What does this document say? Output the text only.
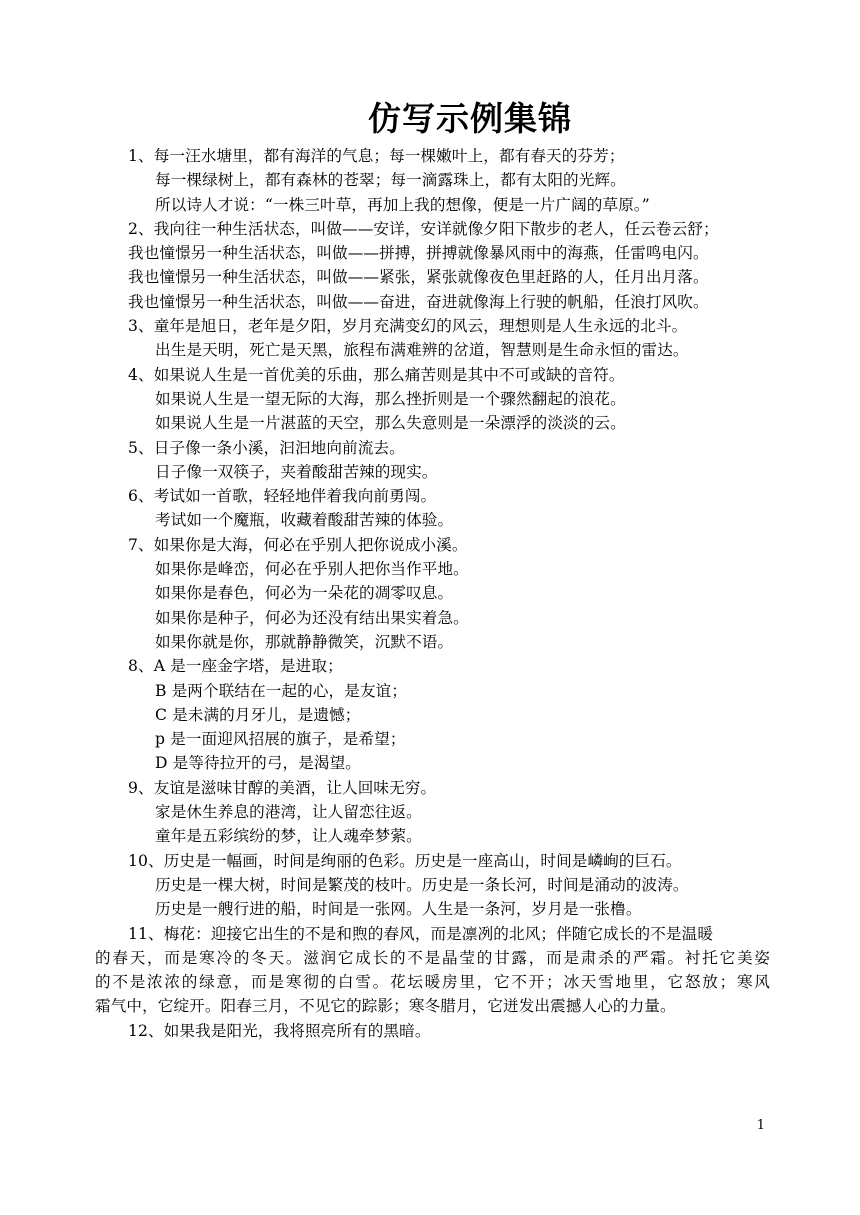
仿写示例集锦
1、每一汪水塘里，都有海洋的气息；每一棵嫩叶上，都有春天的芬芳；
每一棵绿树上，都有森林的苍翠；每一滴露珠上，都有太阳的光辉。
所以诗人才说：“一株三叶草，再加上我的想像，便是一片广阔的草原。”
2、我向往一种生活状态，叫做——安详，安详就像夕阳下散步的老人，任云卷云舒；
我也憧憬另一种生活状态，叫做——拼搏，拼搏就像暴风雨中的海燕，任雷鸣电闪。
我也憧憬另一种生活状态，叫做——紧张，紧张就像夜色里赶路的人，任月出月落。
我也憧憬另一种生活状态，叫做——奋进，奋进就像海上行驶的帆船，任浪打风吹。
3、童年是旭日，老年是夕阳，岁月充满变幻的风云，理想则是人生永远的北斗。
出生是天明，死亡是天黑，旅程布满难辨的岔道，智慧则是生命永恒的雷达。
4、如果说人生是一首优美的乐曲，那么痛苦则是其中不可或缺的音符。
如果说人生是一望无际的大海，那么挫折则是一个骤然翻起的浪花。
如果说人生是一片湛蓝的天空，那么失意则是一朵漂浮的淡淡的云。
5、日子像一条小溪，汩汩地向前流去。
日子像一双筷子，夹着酸甜苦辣的现实。
6、考试如一首歌，轻轻地伴着我向前勇闯。
考试如一个魔瓶，收藏着酸甜苦辣的体验。
7、如果你是大海，何必在乎别人把你说成小溪。
如果你是峰峦，何必在乎别人把你当作平地。
如果你是春色，何必为一朵花的凋零叹息。
如果你是种子，何必为还没有结出果实着急。
如果你就是你，那就静静微笑，沉默不语。
8、A 是一座金字塔，是进取；
B 是两个联结在一起的心，是友谊；
C 是未满的月牙儿，是遗憾；
p 是一面迎风招展的旗子，是希望；
D 是等待拉开的弓，是渴望。
9、友谊是滋味甘醇的美酒，让人回味无穷。
家是休生养息的港湾，让人留恋往返。
童年是五彩缤纷的梦，让人魂牵梦萦。
10、历史是一幅画，时间是绚丽的色彩。历史是一座高山，时间是嶙峋的巨石。
历史是一棵大树，时间是繁茂的枝叶。历史是一条长河，时间是涌动的波涛。
历史是一艘行进的船，时间是一张网。人生是一条河，岁月是一张橹。
11、梅花：迎接它出生的不是和煦的春风，而是凛冽的北风；伴随它成长的不是温暖
的春天，而是寒冷的冬天。滋润它成长的不是晶莹的甘露，而是肃杀的严霜。衬托它美姿
的不是浓浓的绿意，而是寒彻的白雪。花坛暖房里，它不开；冰天雪地里，它怒放；寒风
霜气中，它绽开。阳春三月，不见它的踪影；寒冬腊月，它迸发出震撼人心的力量。
12、如果我是阳光，我将照亮所有的黑暗。
1
